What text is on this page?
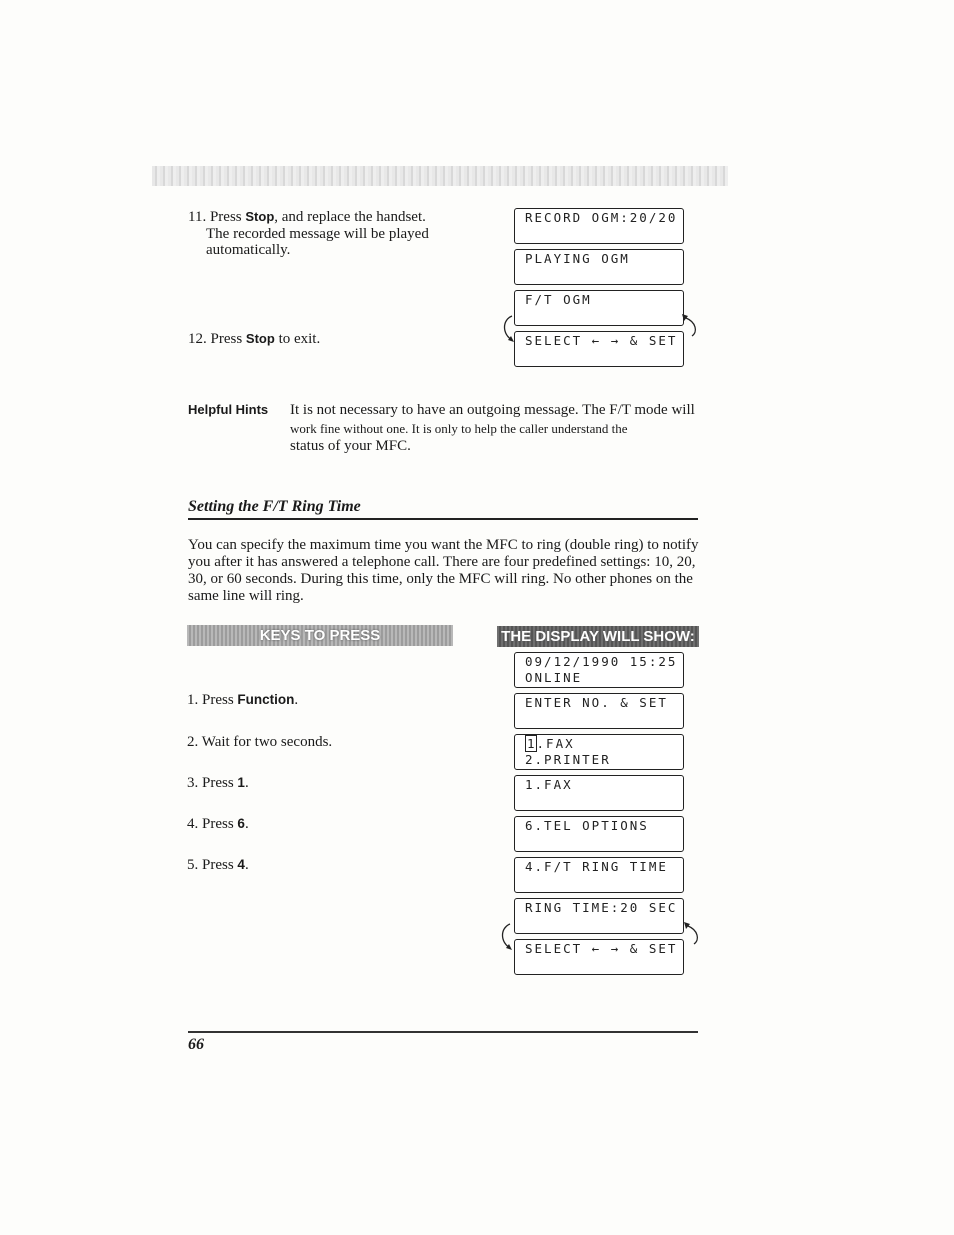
11. Press Stop, and replace the handset.
The recorded message will be played
automatically.
12. Press Stop to exit.
RECORD OGM:20/20
PLAYING OGM
F/T OGM
SELECT ← → & SET
Helpful Hints It is not necessary to have an outgoing message. The F/T mode will
work fine without one. It is only to help the caller understand the
status of your MFC.
Setting the F/T Ring Time
You can specify the maximum time you want the MFC to ring (double ring) to notify
you after it has answered a telephone call. There are four predefined settings: 10, 20,
30, or 60 seconds. During this time, only the MFC will ring. No other phones on the
same line will ring.
KEYS TO PRESS	THE DISPLAY WILL SHOW:
1. Press Function.
2. Wait for two seconds.
3. Press 1.
4. Press 6.
5. Press 4.
09/12/1990 15:25
ONLINE
ENTER NO. & SET
1 .FAX
2.PRINTER
1.FAX
6.TEL OPTIONS
4.F/T RING TIME
RING TIME:20 SEC
SELECT ← → & SET
66
